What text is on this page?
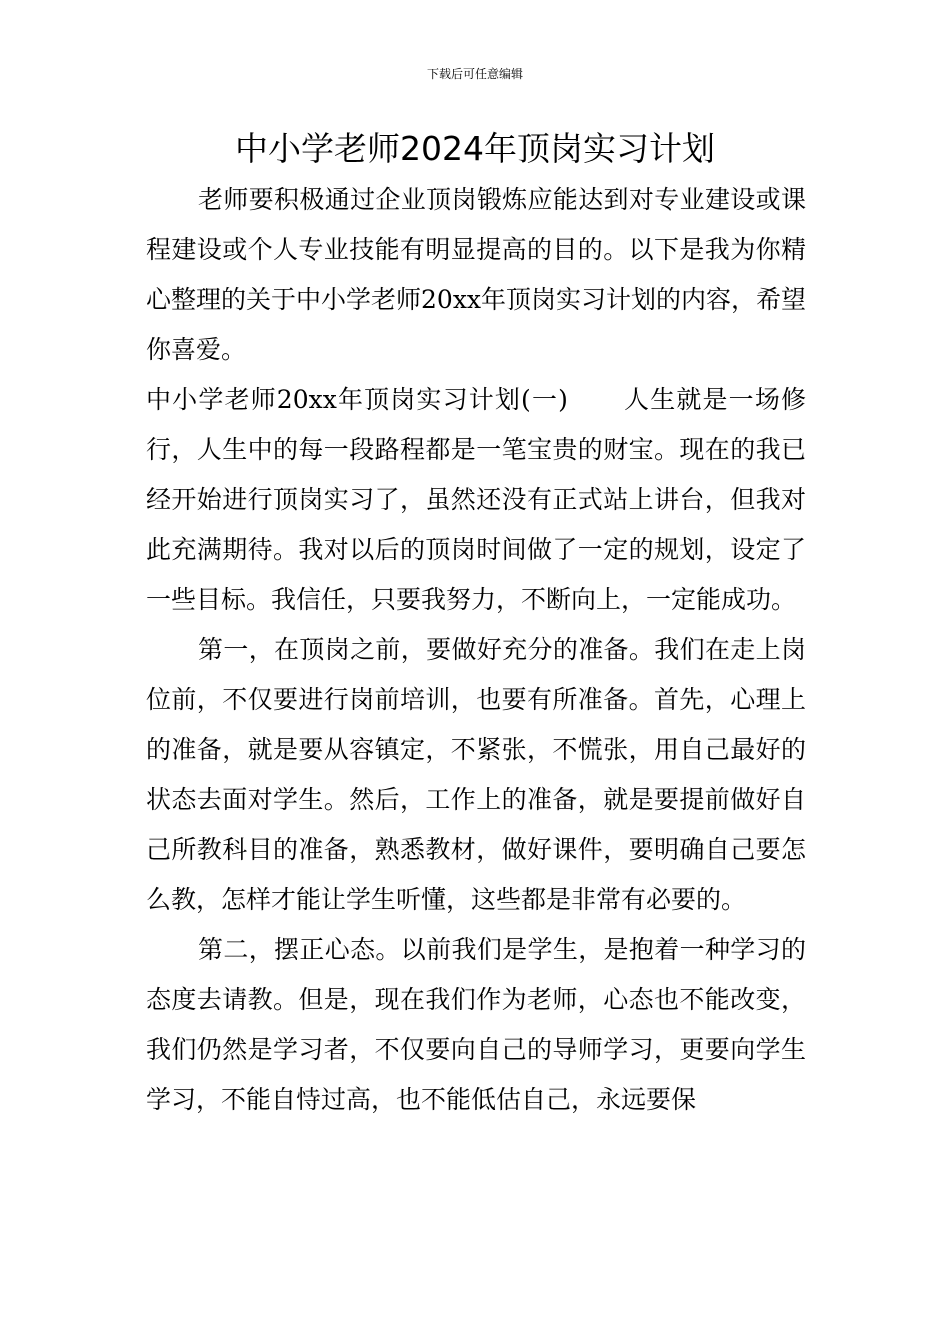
下载后可任意编辑
中小学老师2024年顶岗实习计划

老师要积极通过企业顶岗锻炼应能达到对专业建设或课程建设或个人专业技能有明显提高的目的。以下是我为你精心整理的关于中小学老师20xx年顶岗实习计划的内容，希望你喜爱。

中小学老师20xx年顶岗实习计划(一) 人生就是一场修行，人生中的每一段路程都是一笔宝贵的财宝。现在的我已经开始进行顶岗实习了，虽然还没有正式站上讲台，但我对此充满期待。我对以后的顶岗时间做了一定的规划，设定了一些目标。我信任，只要我努力，不断向上，一定能成功。

第一，在顶岗之前，要做好充分的准备。我们在走上岗位前，不仅要进行岗前培训，也要有所准备。首先，心理上的准备，就是要从容镇定，不紧张，不慌张，用自己最好的状态去面对学生。然后，工作上的准备，就是要提前做好自己所教科目的准备，熟悉教材，做好课件，要明确自己要怎么教，怎样才能让学生听懂，这些都是非常有必要的。

第二，摆正心态。以前我们是学生，是抱着一种学习的态度去请教。但是，现在我们作为老师，心态也不能改变，我们仍然是学习者，不仅要向自己的导师学习，更要向学生学习，不能自恃过高，也不能低估自己，永远要保
